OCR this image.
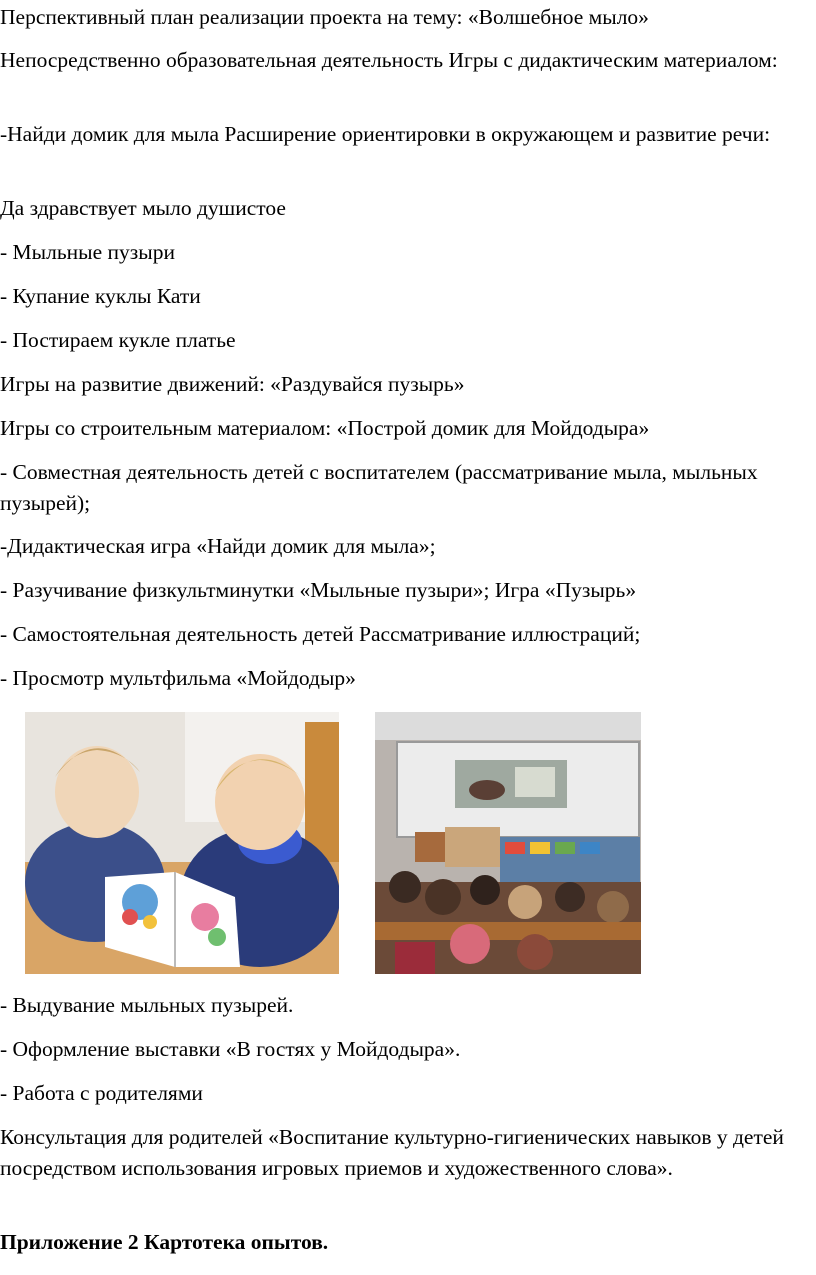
Перспективный план реализации проекта на тему: «Волшебное мыло»

Непосредственно образовательная деятельность Игры с дидактическим материалом:

-Найди домик для мыла Расширение ориентировки в окружающем и развитие речи:

Да здравствует мыло душистое

- Мыльные пузыри

- Купание куклы Кати

- Постираем кукле платье

Игры на развитие движений: «Раздувайся пузырь»

Игры со строительным материалом: «Построй домик для Мойдодыра»

- Совместная деятельность детей с воспитателем (рассматривание мыла, мыльных пузырей);

-Дидактическая игра «Найди домик для мыла»;

- Разучивание физкультминутки «Мыльные пузыри»; Игра «Пузырь»

- Самостоятельная деятельность детей Рассматривание иллюстраций;

- Просмотр мультфильма «Мойдодыр»

- Выдувание мыльных пузырей.

- Оформление выставки «В гостях у Мойдодыра».

- Работа с родителями

Консультация для родителей «Воспитание культурно-гигиенических навыков у детей посредством использования игровых приемов и художественного слова».

Приложение 2 Картотека опытов.
